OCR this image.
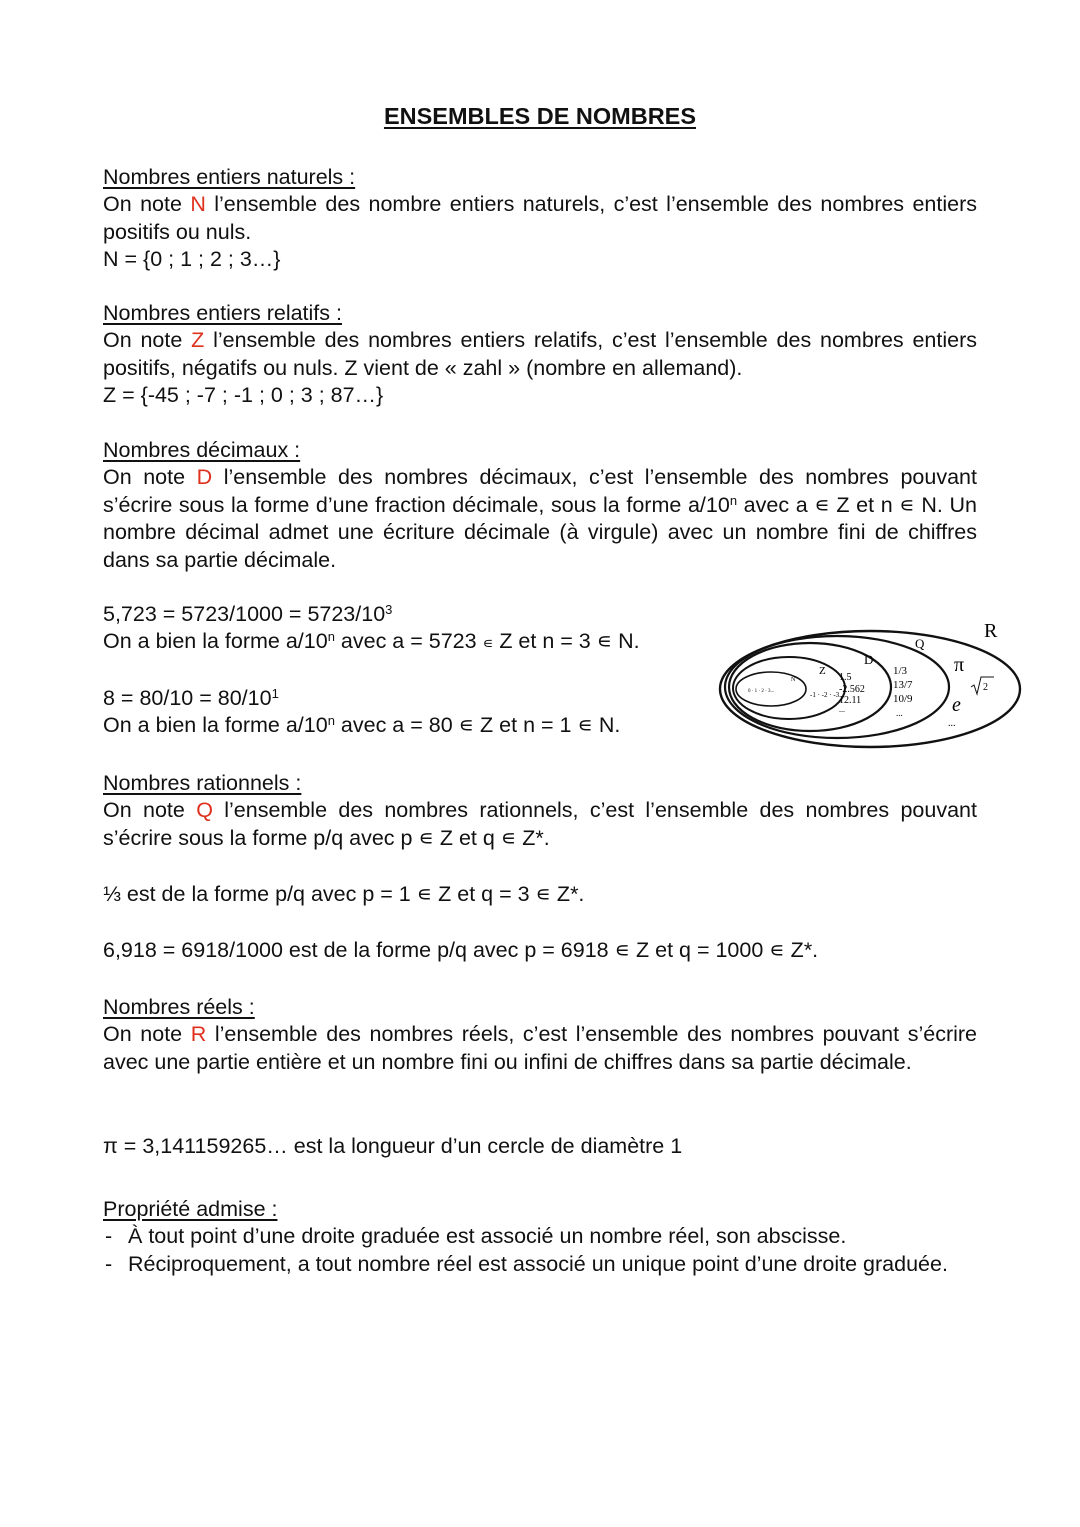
ENSEMBLES DE NOMBRES

Nombres entiers naturels :

On note N l’ensemble des nombre entiers naturels, c’est l’ensemble des nombres entiers positifs ou nuls.

N = {0 ; 1 ; 2 ; 3…}

Nombres entiers relatifs :

On note Z l’ensemble des nombres entiers relatifs, c’est l’ensemble des nombres entiers positifs, négatifs ou nuls. Z vient de « zahl » (nombre en allemand).

Z = {-45 ; -7 ; -1 ; 0 ; 3 ; 87…}

Nombres décimaux :

On note D l’ensemble des nombres décimaux, c’est l’ensemble des nombres pouvant s’écrire sous la forme d’une fraction décimale, sous la forme a/10$^n$ avec a ∊ Z et n ∊ N. Un nombre décimal admet une écriture décimale (à virgule) avec un nombre fini de chiffres dans sa partie décimale.

$5,723 = 5723/1000 = 5723/10^3$

On a bien la forme a/10$^n$ avec a = 5723 ∊ Z et n = 3 ∊ N.

$8 = 80/10 = 80/10^1$

On a bien la forme a/10$^n$ avec a = 80 ∊ Z et n = 1 ∊ N.

R
Q
D
Z
N
0 · 1 · 2 · 3...	-1 · -2 · -3...
1.5
-2.562
12.11
...
1/3
13/7
10/9
...
π
2
e
...

Nombres rationnels :

On note Q l’ensemble des nombres rationnels, c’est l’ensemble des nombres pouvant s’écrire sous la forme p/q avec p ∊ Z et q ∊ Z*.

⅓ est de la forme p/q avec p = 1 ∊ Z et q = 3 ∊ Z*.
6,918 = 6918/1000 est de la forme p/q avec p = 6918 ∊ Z et q = 1000 ∊ Z*.

Nombres réels :

On note R l’ensemble des nombres réels, c’est l’ensemble des nombres pouvant s’écrire avec une partie entière et un nombre fini ou infini de chiffres dans sa partie décimale.

π = 3,141159265… est la longueur d’un cercle de diamètre 1

Propriété admise :

- À tout point d’une droite graduée est associé un nombre réel, son abscisse.
- Réciproquement, a tout nombre réel est associé un unique point d’une droite graduée.
